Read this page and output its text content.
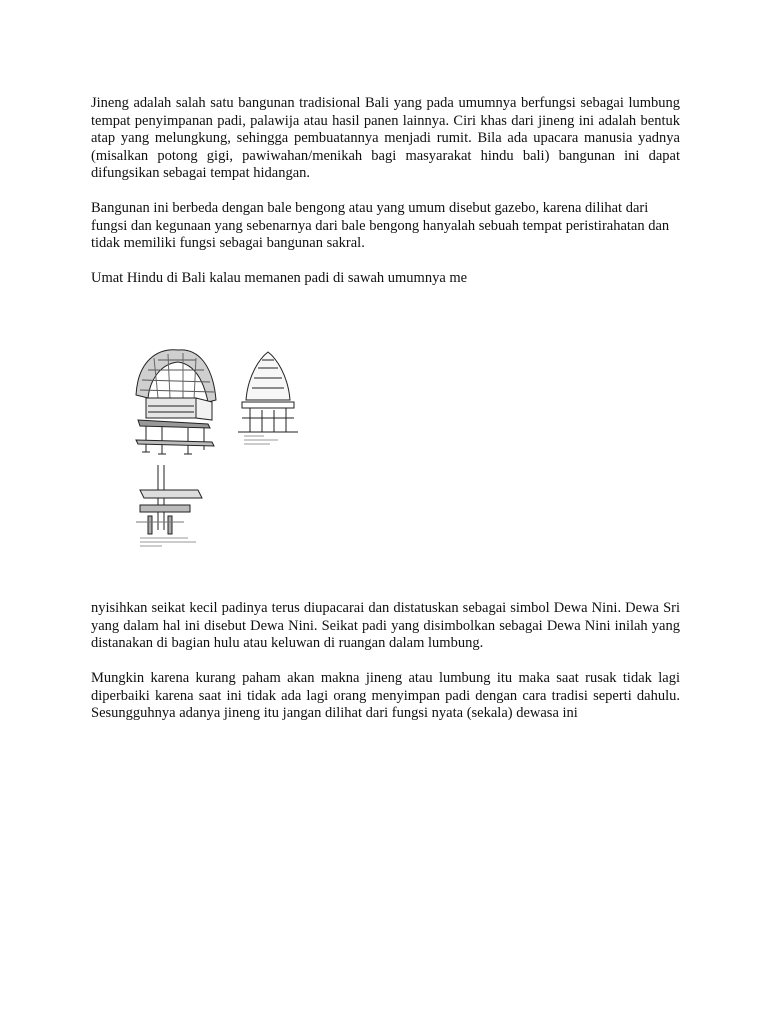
Jineng adalah salah satu bangunan tradisional Bali yang pada umumnya berfungsi sebagai lumbung tempat penyimpanan padi, palawija atau hasil panen lainnya. Ciri khas dari jineng ini adalah bentuk atap yang melungkung, sehingga pembuatannya menjadi rumit. Bila ada upacara manusia yadnya (misalkan potong gigi, pawiwahan/menikah bagi masyarakat hindu bali) bangunan ini dapat difungsikan sebagai tempat hidangan.

Bangunan ini berbeda dengan bale bengong atau yang umum disebut gazebo, karena dilihat dari fungsi dan kegunaan yang sebenarnya dari bale bengong hanyalah sebuah tempat peristirahatan dan tidak memiliki fungsi sebagai bangunan sakral.

Umat Hindu di Bali kalau memanen padi di sawah umumnya me

nyisihkan seikat kecil padinya terus diupacarai dan distatuskan sebagai simbol Dewa Nini. Dewa Sri yang dalam hal ini disebut Dewa Nini. Seikat padi yang disimbolkan sebagai Dewa Nini inilah yang distanakan di bagian hulu atau keluwan di ruangan dalam lumbung.

Mungkin karena kurang paham akan makna jineng atau lumbung itu maka saat rusak tidak lagi diperbaiki karena saat ini tidak ada lagi orang menyimpan padi dengan cara tradisi seperti dahulu. Sesungguhnya adanya jineng itu jangan dilihat dari fungsi nyata (sekala) dewasa ini
